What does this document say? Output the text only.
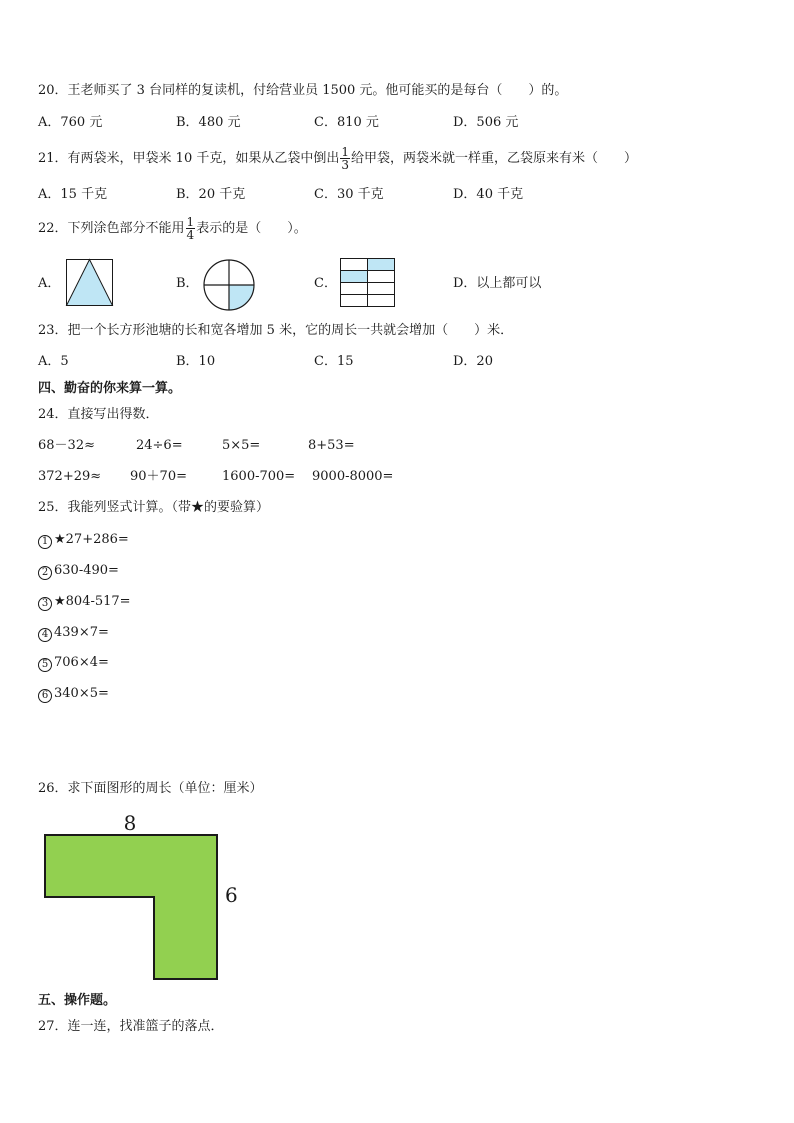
20．王老师买了 3 台同样的复读机，付给营业员 1500 元。他可能买的是每台（　　）的。
A．760 元	B．480 元	C．810 元	D．506 元
21．有两袋米，甲袋米 10 千克，如果从乙袋中倒出 $\frac{1}{3}$ 给甲袋，两袋米就一样重，乙袋原来有米（　　）
A．15 千克	B．20 千克	C．30 千克	D．40 千克
22．下列涂色部分不能用 $\frac{1}{4}$ 表示的是（　　）。
A．	B．	C．	D．以上都可以
23．把一个长方形池塘的长和宽各增加 5 米，它的周长一共就会增加（　　）米．
A．5	B．10	C．15	D．20
四、勤奋的你来算一算。
24．直接写出得数．
68－32≈	24÷6=	5×5=	8+53=
372+29≈ 90＋70=	1600-700= 9000-8000=
25．我能列竖式计算。（带★的要验算）
1 ★27+286=
2 630-490=
3 ★804-517=
4 439×7=
5 706×4=
6 340×5=
26．求下面图形的周长（单位：厘米）
8
6
五、操作题。
27．连一连，找准篮子的落点．
